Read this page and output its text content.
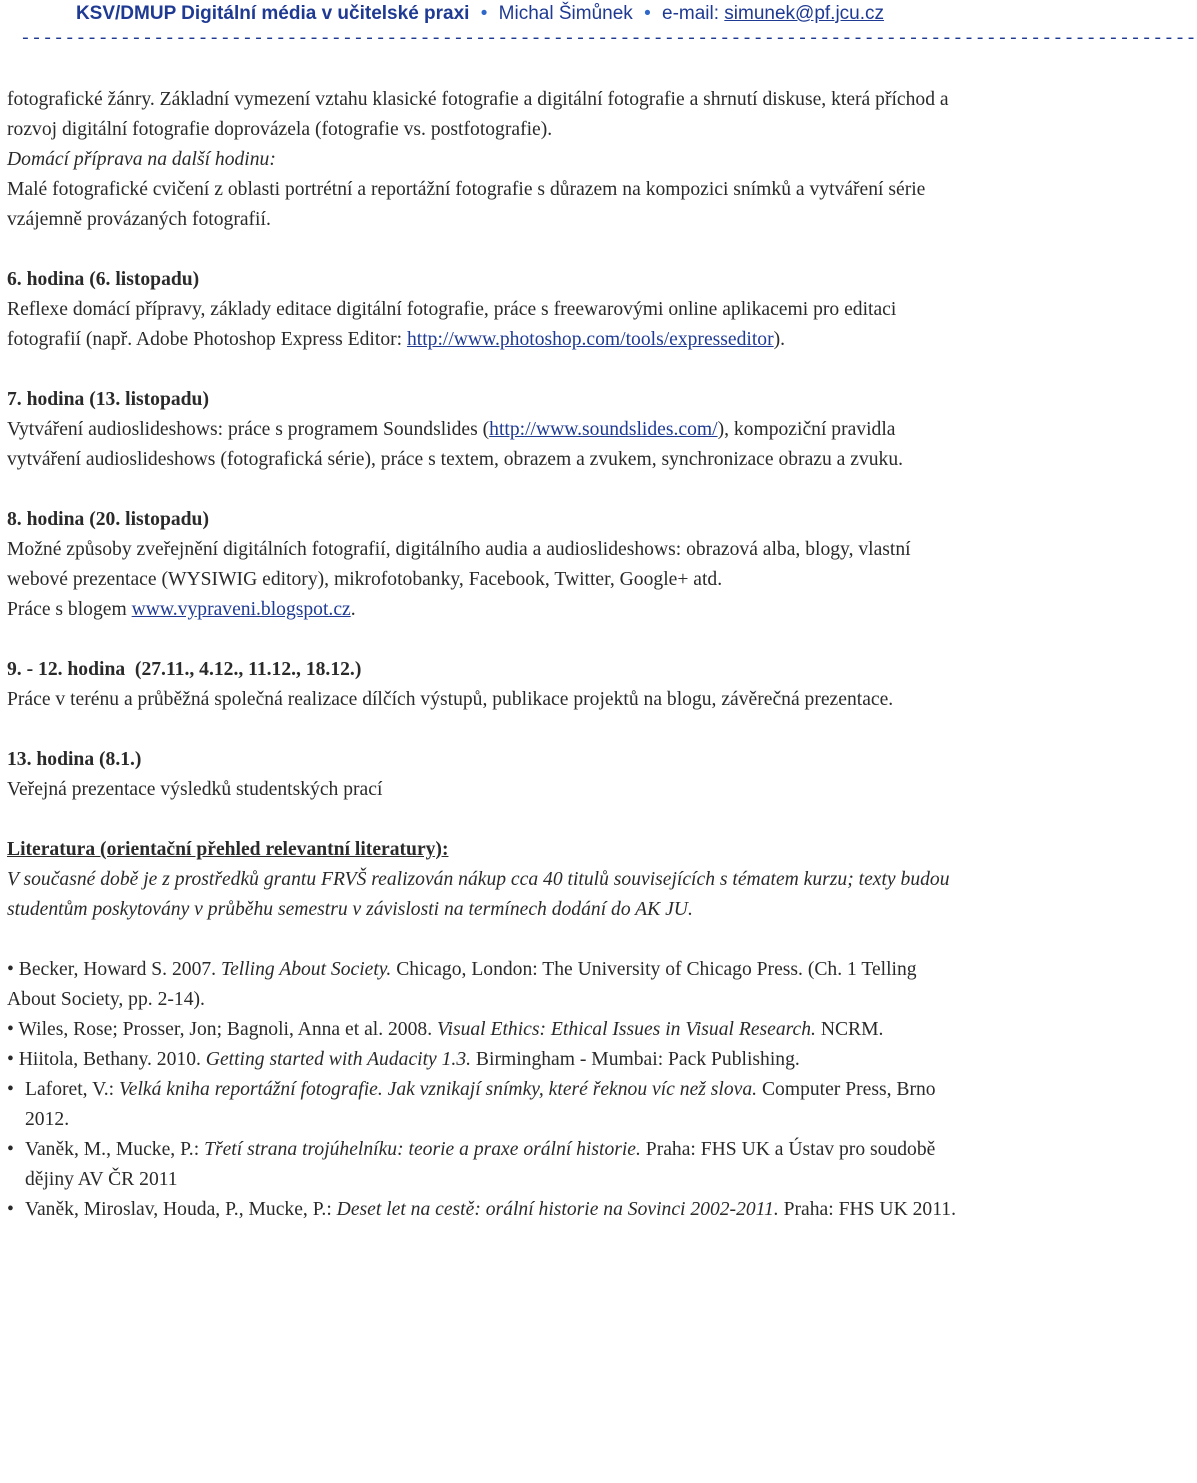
KSV/DMUP Digitální média v učitelské praxi • Michal Šimůnek • e-mail: simunek@pf.jcu.cz
----------------------------------------------------------------------------------------------------------

fotografické žánry. Základní vymezení vztahu klasické fotografie a digitální fotografie a shrnutí diskuse, která příchod a rozvoj digitální fotografie doprovázela (fotografie vs. postfotografie).

Domácí příprava na další hodinu:

Malé fotografické cvičení z oblasti portrétní a reportážní fotografie s důrazem na kompozici snímků a vytváření série vzájemně provázaných fotografií.

6. hodina (6. listopadu)

Reflexe domácí přípravy, základy editace digitální fotografie, práce s freewarovými online aplikacemi pro editaci fotografií (např. Adobe Photoshop Express Editor: http://www.photoshop.com/tools/expresseditor).

7. hodina (13. listopadu)

Vytváření audioslideshows: práce s programem Soundslides (http://www.soundslides.com/), kompoziční pravidla vytváření audioslideshows (fotografická série), práce s textem, obrazem a zvukem, synchronizace obrazu a zvuku.

8. hodina (20. listopadu)

Možné způsoby zveřejnění digitálních fotografií, digitálního audia a audioslideshows: obrazová alba, blogy, vlastní webové prezentace (WYSIWIG editory), mikrofotobanky, Facebook, Twitter, Google+ atd.

Práce s blogem www.vypraveni.blogspot.cz.

9. - 12. hodina  (27.11., 4.12., 11.12., 18.12.)

Práce v terénu a průběžná společná realizace dílčích výstupů, publikace projektů na blogu, závěrečná prezentace.

13. hodina (8.1.)

Veřejná prezentace výsledků studentských prací

Literatura (orientační přehled relevantní literatury):

V současné době je z prostředků grantu FRVŠ realizován nákup cca 40 titulů souvisejících s tématem kurzu; texty budou studentům poskytovány v průběhu semestru v závislosti na termínech dodání do AK JU.

• Becker, Howard S. 2007. Telling About Society. Chicago, London: The University of Chicago Press. (Ch. 1 Telling About Society, pp. 2-14).

• Wiles, Rose; Prosser, Jon; Bagnoli, Anna et al. 2008. Visual Ethics: Ethical Issues in Visual Research. NCRM.

• Hiitola, Bethany. 2010. Getting started with Audacity 1.3. Birmingham - Mumbai: Pack Publishing.

• Laforet, V.: Velká kniha reportážní fotografie. Jak vznikají snímky, které řeknou víc než slova. Computer Press, Brno 2012.

• Vaněk, M., Mucke, P.: Třetí strana trojúhelníku: teorie a praxe orální historie. Praha: FHS UK a Ústav pro soudobě dějiny AV ČR 2011

• Vaněk, Miroslav, Houda, P., Mucke, P.: Deset let na cestě: orální historie na Sovinci 2002-2011. Praha: FHS UK 2011.
